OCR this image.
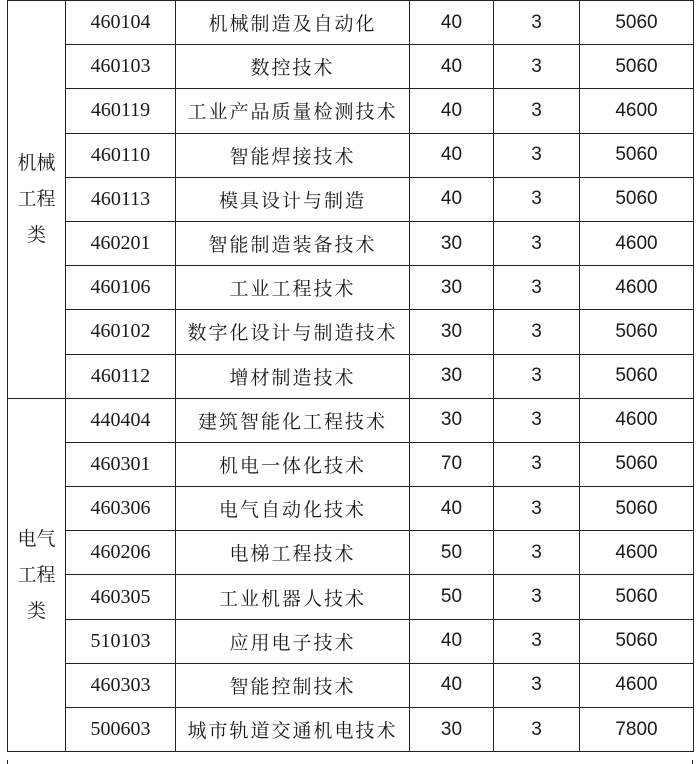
机械
工程
类	460104	机械制造及自动化	40	3	5060
	460103	数控技术	40	3	5060
	460119	工业产品质量检测技术	40	3	4600
	460110	智能焊接技术	40	3	5060
	460113	模具设计与制造	40	3	5060
	460201	智能制造装备技术	30	3	4600
	460106	工业工程技术	30	3	4600
	460102	数字化设计与制造技术	30	3	5060
	460112	增材制造技术	30	3	5060

电气
工程
类	440404	建筑智能化工程技术	30	3	4600
	460301	机电一体化技术	70	3	5060
	460306	电气自动化技术	40	3	5060
	460206	电梯工程技术	50	3	4600
	460305	工业机器人技术	50	3	5060
	510103	应用电子技术	40	3	5060
	460303	智能控制技术	40	3	4600
	500603	城市轨道交通机电技术	30	3	7800
